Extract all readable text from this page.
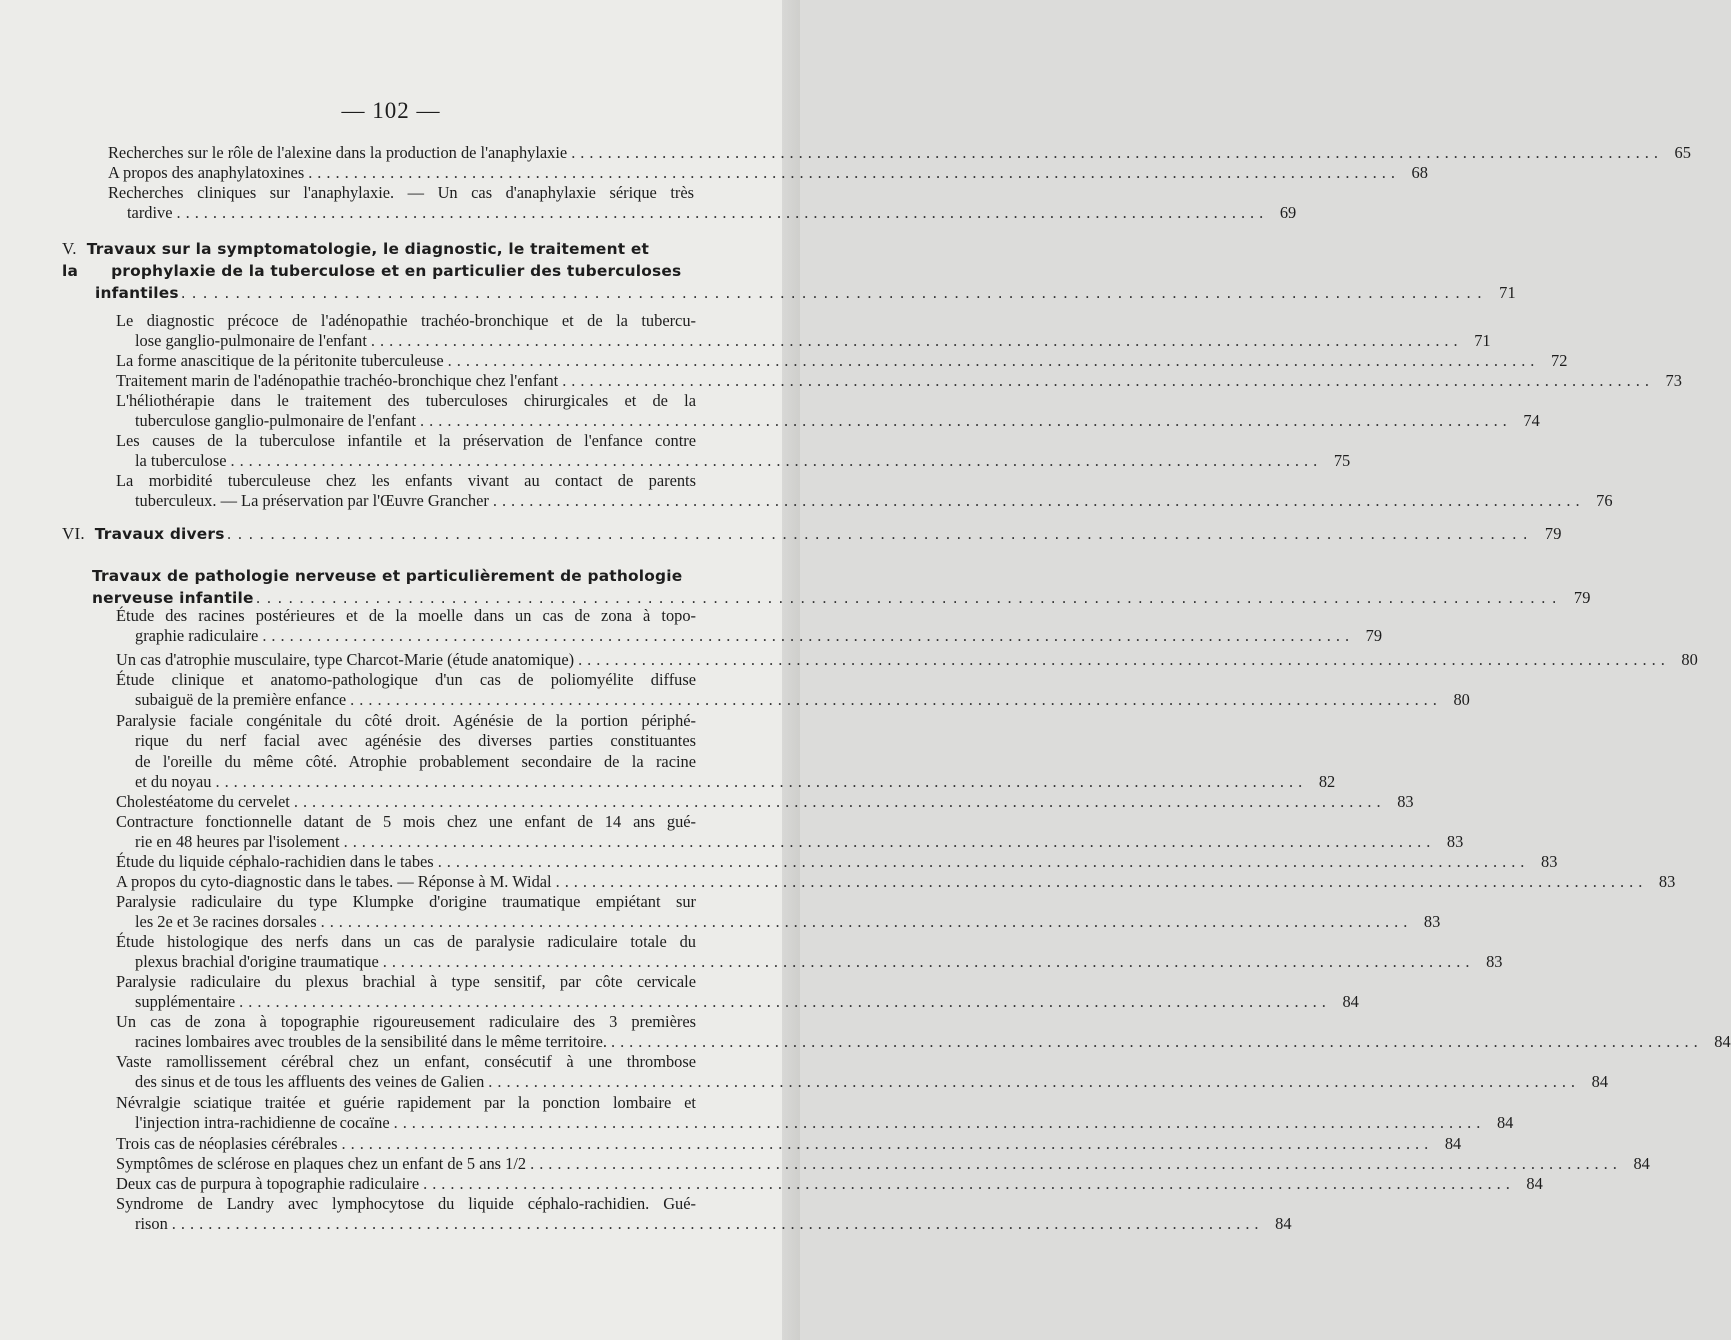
— 102 —
Recherches sur le rôle de l'alexine dans la production de l'anaphylaxie ........................................................................................................................ 65
A propos des anaphylatoxines ........................................................................................................................ 68
Recherches cliniques sur l'anaphylaxie. — Un cas d'anaphylaxie sérique très
tardive ........................................................................................................................ 69
V. Travaux sur la symptomatologie, le diagnostic, le traitement et la prophylaxie de la tuberculose et en particulier des tuberculoses
infantiles ........................................................................................................................ 71
Le diagnostic précoce de l'adénopathie trachéo-bronchique et de la tubercu-
lose ganglio-pulmonaire de l'enfant ........................................................................................................................ 71
La forme anascitique de la péritonite tuberculeuse ........................................................................................................................ 72
Traitement marin de l'adénopathie trachéo-bronchique chez l'enfant ........................................................................................................................ 73
L'héliothérapie dans le traitement des tuberculoses chirurgicales et de la
tuberculose ganglio-pulmonaire de l'enfant ........................................................................................................................ 74
Les causes de la tuberculose infantile et la préservation de l'enfance contre
la tuberculose ........................................................................................................................ 75
La morbidité tuberculeuse chez les enfants vivant au contact de parents
tuberculeux. — La préservation par l'Œuvre Grancher ........................................................................................................................ 76
VI. Travaux divers ........................................................................................................................ 79
Travaux de pathologie nerveuse et particulièrement de pathologie
nerveuse infantile ........................................................................................................................ 79
Étude des racines postérieures et de la moelle dans un cas de zona à topo-
graphie radiculaire ........................................................................................................................ 79
Un cas d'atrophie musculaire, type Charcot-Marie (étude anatomique) ........................................................................................................................ 80
Étude clinique et anatomo-pathologique d'un cas de poliomyélite diffuse
subaiguë de la première enfance ........................................................................................................................ 80
Paralysie faciale congénitale du côté droit. Agénésie de la portion périphé-
rique du nerf facial avec agénésie des diverses parties constituantes
de l'oreille du même côté. Atrophie probablement secondaire de la racine
et du noyau ........................................................................................................................ 82
Cholestéatome du cervelet ........................................................................................................................ 83
Contracture fonctionnelle datant de 5 mois chez une enfant de 14 ans gué-
rie en 48 heures par l'isolement ........................................................................................................................ 83
Étude du liquide céphalo-rachidien dans le tabes ........................................................................................................................ 83
A propos du cyto-diagnostic dans le tabes. — Réponse à M. Widal ........................................................................................................................ 83
Paralysie radiculaire du type Klumpke d'origine traumatique empiétant sur
les 2e et 3e racines dorsales ........................................................................................................................ 83
Étude histologique des nerfs dans un cas de paralysie radiculaire totale du
plexus brachial d'origine traumatique ........................................................................................................................ 83
Paralysie radiculaire du plexus brachial à type sensitif, par côte cervicale
supplémentaire ........................................................................................................................ 84
Un cas de zona à topographie rigoureusement radiculaire des 3 premières
racines lombaires avec troubles de la sensibilité dans le même territoire. ........................................................................................................................ 84
Vaste ramollissement cérébral chez un enfant, consécutif à une thrombose
des sinus et de tous les affluents des veines de Galien ........................................................................................................................ 84
Névralgie sciatique traitée et guérie rapidement par la ponction lombaire et
l'injection intra-rachidienne de cocaïne ........................................................................................................................ 84
Trois cas de néoplasies cérébrales ........................................................................................................................ 84
Symptômes de sclérose en plaques chez un enfant de 5 ans 1/2 ........................................................................................................................ 84
Deux cas de purpura à topographie radiculaire ........................................................................................................................ 84
Syndrome de Landry avec lymphocytose du liquide céphalo-rachidien. Gué-
rison ........................................................................................................................ 84
